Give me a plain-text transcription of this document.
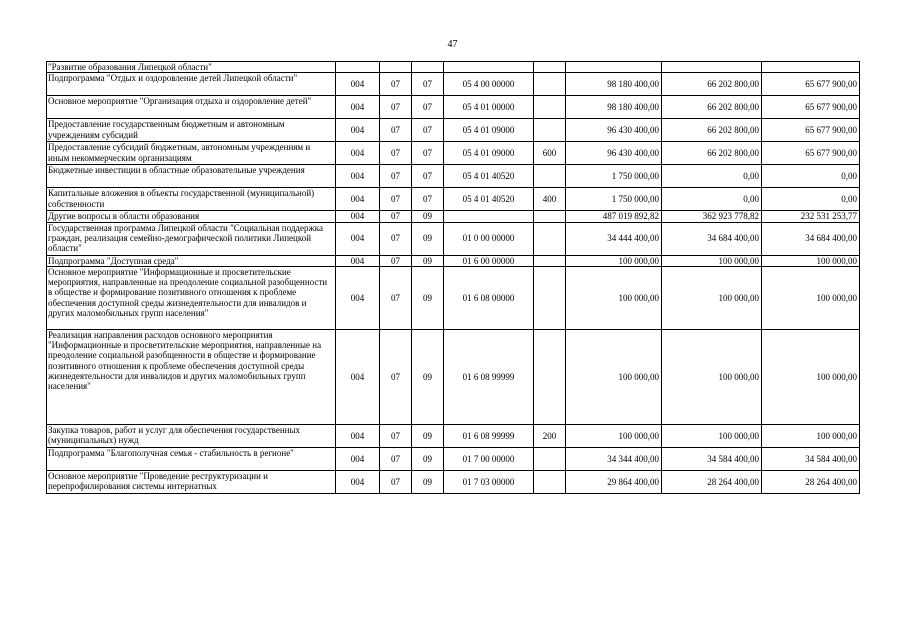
47
"Развитие образования Липецкой области"								
Подпрограмма "Отдых и оздоровление детей Липецкой области"	004	07	07	05 4 00 00000		98 180 400,00	66 202 800,00	65 677 900,00
Основное мероприятие "Организация отдыха и оздоровление детей"	004	07	07	05 4 01 00000		98 180 400,00	66 202 800,00	65 677 900,00
Предоставление государственным бюджетным и автономным учреждениям субсидий	004	07	07	05 4 01 09000		96 430 400,00	66 202 800,00	65 677 900,00
Предоставление субсидий бюджетным, автономным учреждениям и иным некоммерческим организациям	004	07	07	05 4 01 09000	600	96 430 400,00	66 202 800,00	65 677 900,00
Бюджетные инвестиции в областные образовательные учреждения	004	07	07	05 4 01 40520		1 750 000,00	0,00	0,00
Капитальные вложения в объекты государственной (муниципальной) собственности	004	07	07	05 4 01 40520	400	1 750 000,00	0,00	0,00
Другие вопросы в области образования	004	07	09			487 019 892,82	362 923 778,82	232 531 253,77
Государственная программа Липецкой области "Социальная поддержка граждан, реализация семейно-демографической политики Липецкой области"	004	07	09	01 0 00 00000		34 444 400,00	34 684 400,00	34 684 400,00
Подпрограмма "Доступная среда"	004	07	09	01 6 00 00000		100 000,00	100 000,00	100 000,00
Основное мероприятие "Информационные и просветительские мероприятия, направленные на преодоление социальной разобщенности в обществе и формирование позитивного отношения к проблеме обеспечения доступной среды жизнедеятельности для инвалидов и других маломобильных групп населения"	004	07	09	01 6 08 00000		100 000,00	100 000,00	100 000,00
Реализация направления расходов основного мероприятия "Информационные и просветительские мероприятия, направленные на преодоление социальной разобщенности в обществе и формирование позитивного отношения к проблеме обеспечения доступной среды жизнедеятельности для инвалидов и других маломобильных групп населения"	004	07	09	01 6 08 99999		100 000,00	100 000,00	100 000,00
Закупка товаров, работ и услуг для обеспечения государственных (муниципальных) нужд	004	07	09	01 6 08 99999	200	100 000,00	100 000,00	100 000,00
Подпрограмма "Благополучная семья - стабильность в регионе"	004	07	09	01 7 00 00000		34 344 400,00	34 584 400,00	34 584 400,00
Основное мероприятие "Проведение реструктуризации и перепрофилирования системы интернатных	004	07	09	01 7 03 00000		29 864 400,00	28 264 400,00	28 264 400,00
